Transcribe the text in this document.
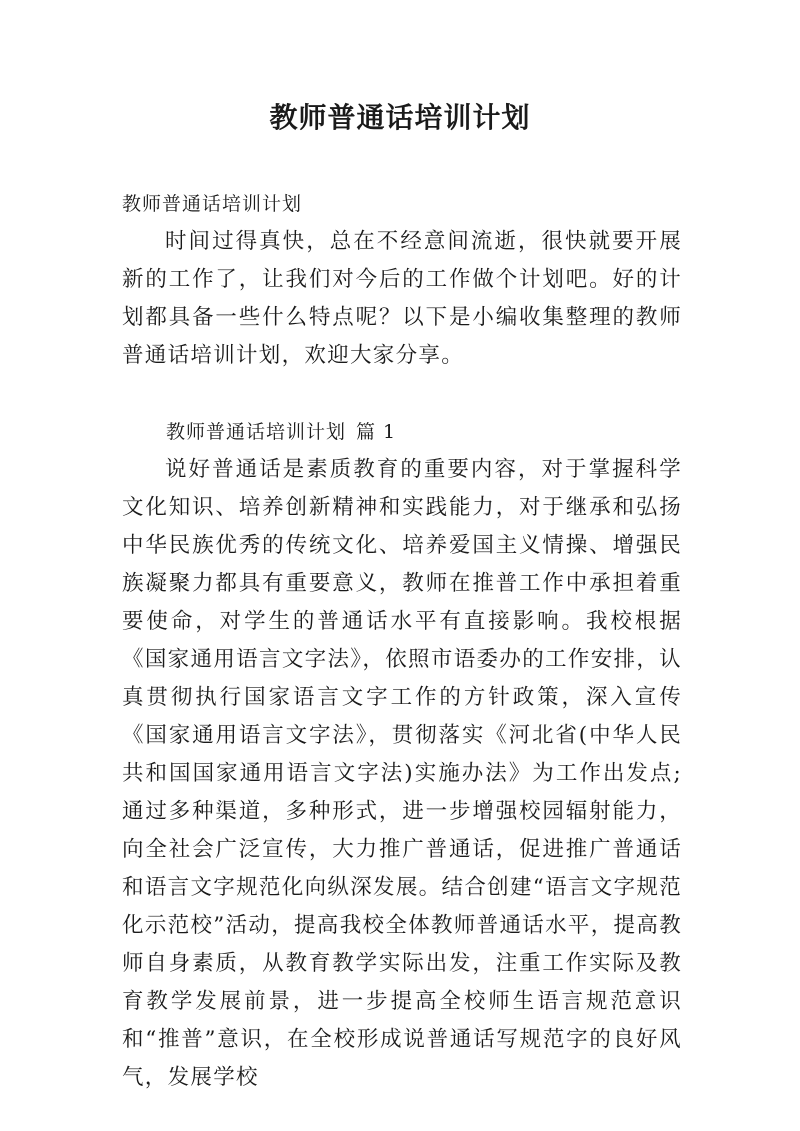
教师普通话培训计划

教师普通话培训计划

时间过得真快，总在不经意间流逝，很快就要开展新的工作了，让我们对今后的工作做个计划吧。好的计划都具备一些什么特点呢？以下是小编收集整理的教师普通话培训计划，欢迎大家分享。

教师普通话培训计划 篇 1

说好普通话是素质教育的重要内容，对于掌握科学文化知识、培养创新精神和实践能力，对于继承和弘扬中华民族优秀的传统文化、培养爱国主义情操、增强民族凝聚力都具有重要意义，教师在推普工作中承担着重要使命，对学生的普通话水平有直接影响。我校根据《国家通用语言文字法》，依照市语委办的工作安排，认真贯彻执行国家语言文字工作的方针政策，深入宣传《国家通用语言文字法》，贯彻落实《河北省(中华人民共和国国家通用语言文字法)实施办法》为工作出发点;通过多种渠道，多种形式，进一步增强校园辐射能力，向全社会广泛宣传，大力推广普通话，促进推广普通话和语言文字规范化向纵深发展。结合创建“语言文字规范化示范校”活动，提高我校全体教师普通话水平，提高教师自身素质，从教育教学实际出发，注重工作实际及教育教学发展前景，进一步提高全校师生语言规范意识和“推普”意识，在全校形成说普通话写规范字的良好风气，发展学校
